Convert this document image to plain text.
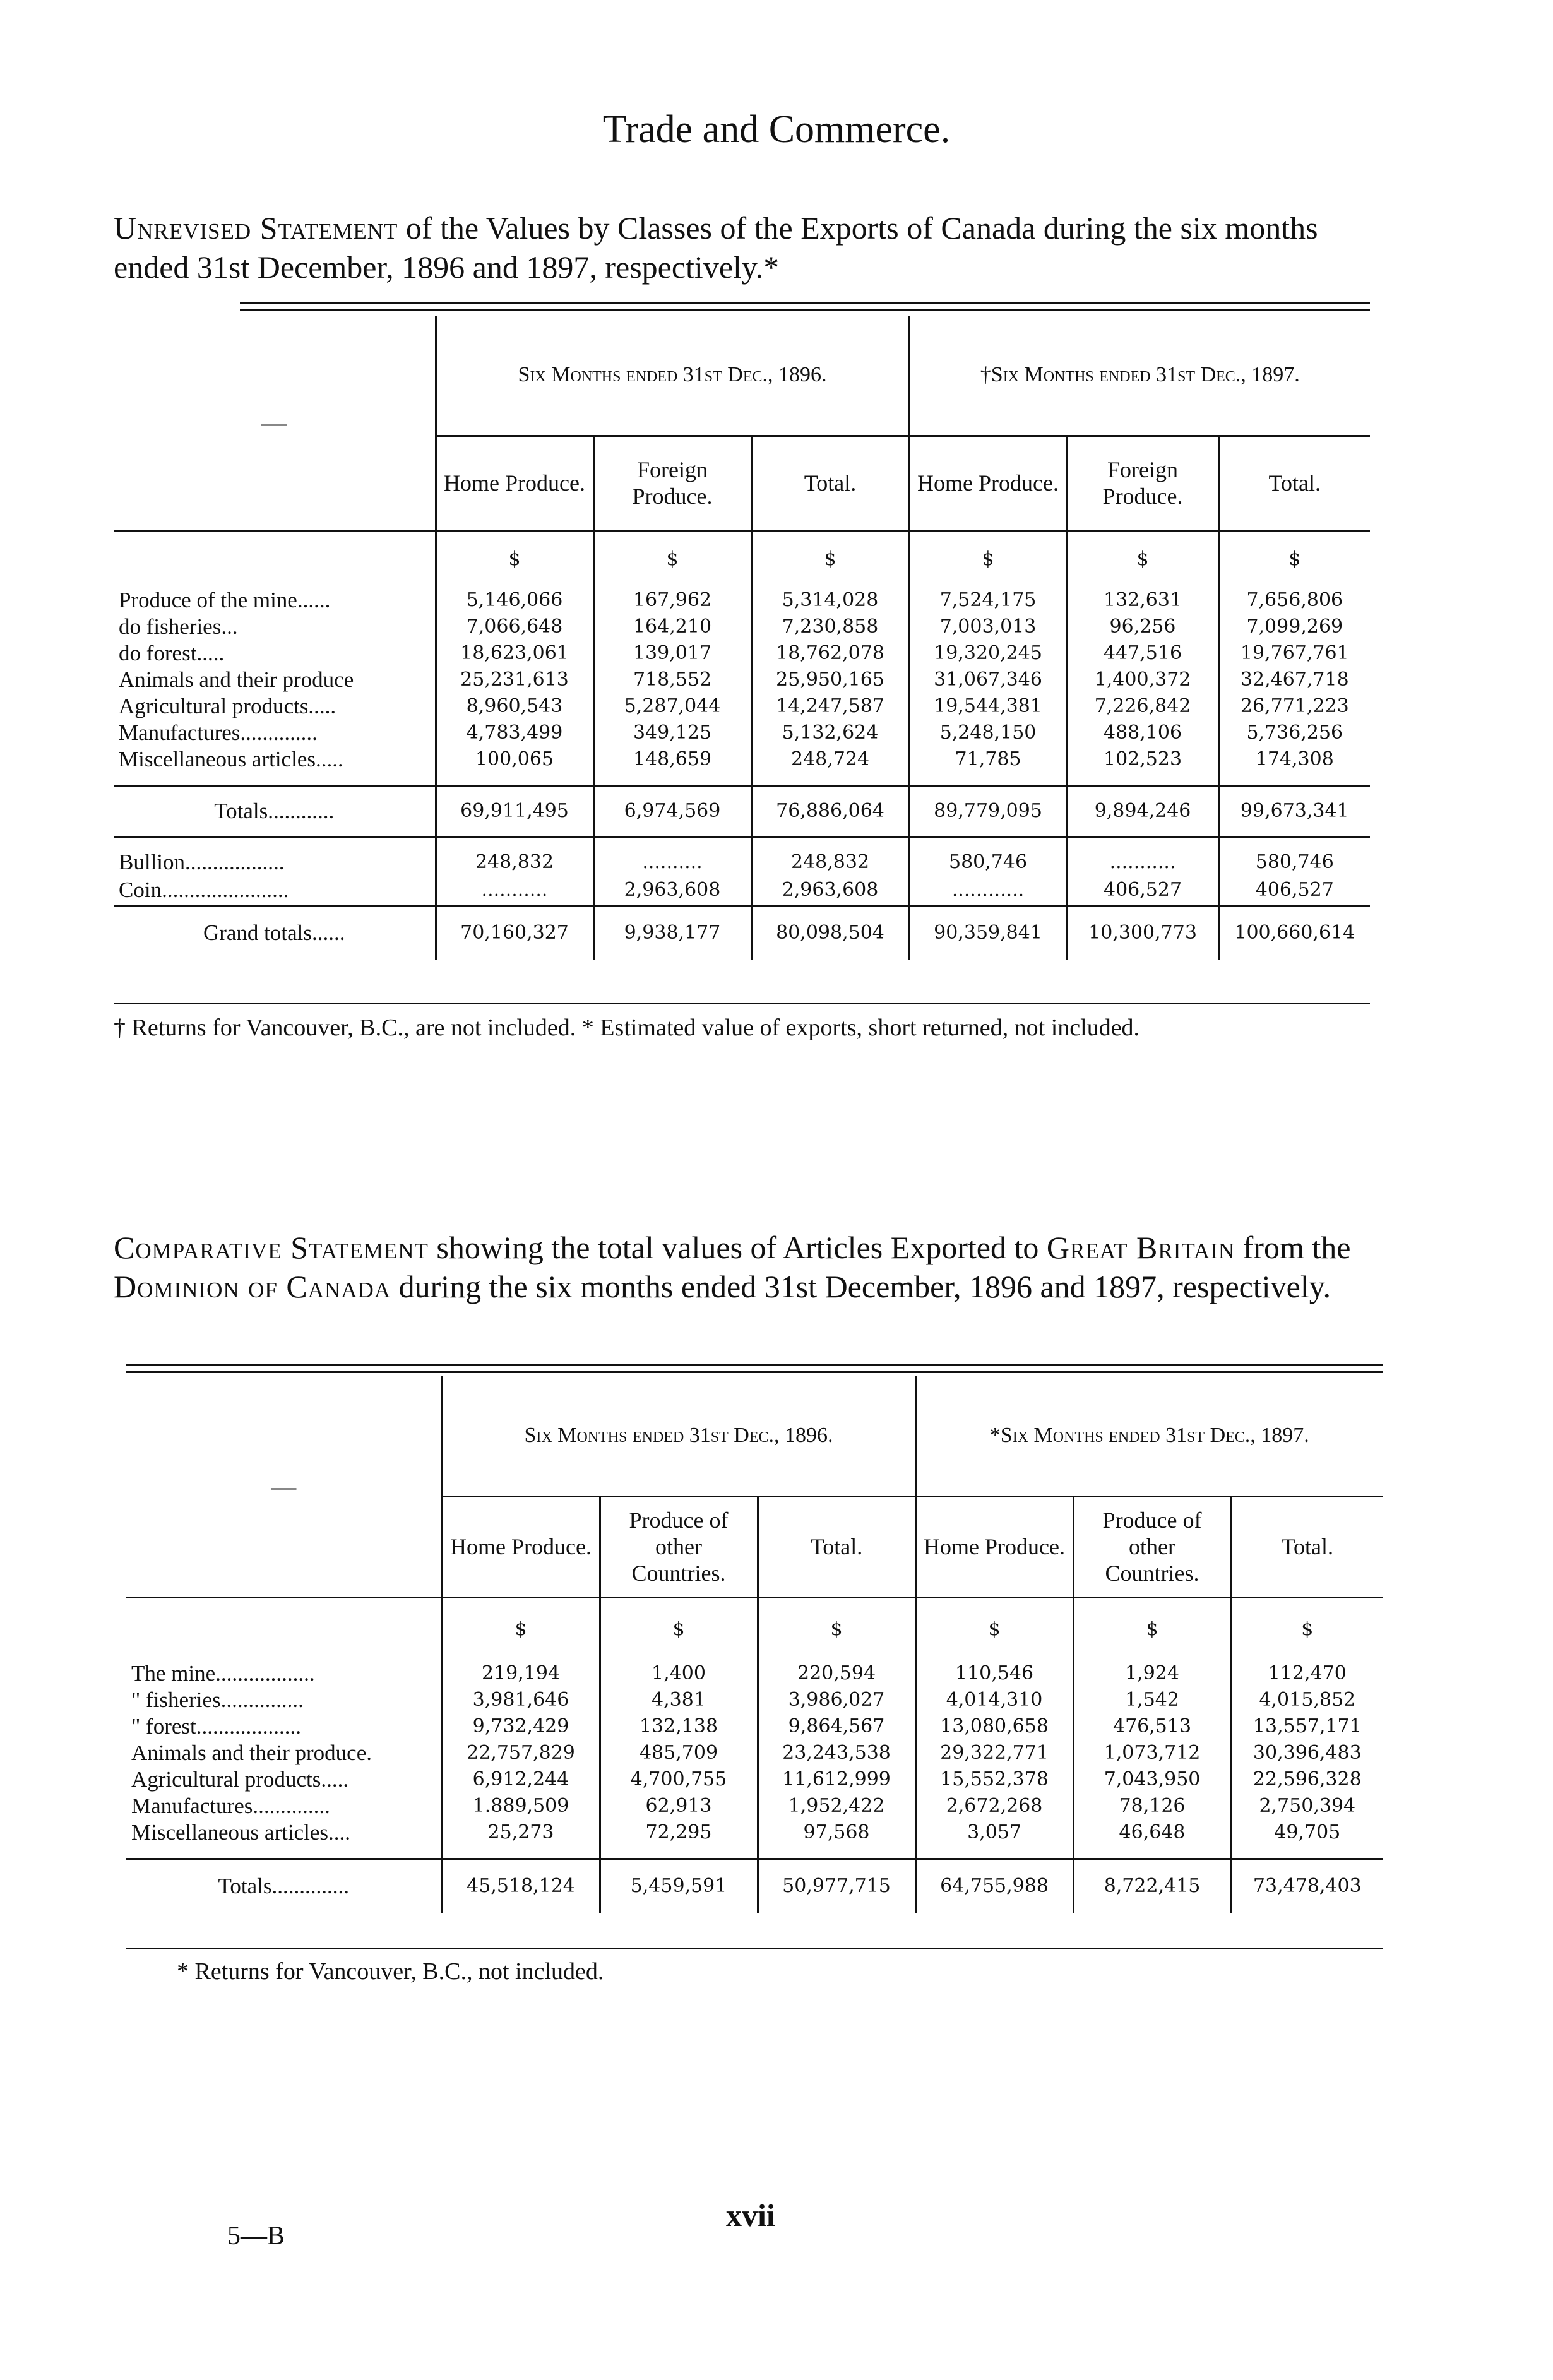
Trade and Commerce.
Unrevised Statement of the Values by Classes of the Exports of Canada during the six months ended 31st December, 1896 and 1897, respectively.*
—	Six Months ended 31st Dec., 1896.			†Six Months ended 31st Dec., 1897.		
	Home Produce.	Foreign Produce.	Total.	Home Produce.	Foreign Produce.	Total.
	$	$	$	$	$	$
Produce of the mine......	5,146,066	167,962	5,314,028	7,524,175	132,631	7,656,806
do fisheries...	7,066,648	164,210	7,230,858	7,003,013	96,256	7,099,269
do forest.....	18,623,061	139,017	18,762,078	19,320,245	447,516	19,767,761
Animals and their produce	25,231,613	718,552	25,950,165	31,067,346	1,400,372	32,467,718
Agricultural products.....	8,960,543	5,287,044	14,247,587	19,544,381	7,226,842	26,771,223
Manufactures..............	4,783,499	349,125	5,132,624	5,248,150	488,106	5,736,256
Miscellaneous articles.....	100,065	148,659	248,724	71,785	102,523	174,308

Totals............	69,911,495	6,974,569	76,886,064	89,779,095	9,894,246	99,673,341
Bullion..................	248,832	..........	248,832	580,746	...........	580,746
Coin.......................	...........	2,963,608	2,963,608	............	406,527	406,527
Grand totals......	70,160,327	9,938,177	80,098,504	90,359,841	10,300,773	100,660,614
† Returns for Vancouver, B.C., are not included. * Estimated value of exports, short returned, not included.
Comparative Statement showing the total values of Articles Exported to Great Britain from the Dominion of Canada during the six months ended 31st December, 1896 and 1897, respectively.
—	Six Months ended 31st Dec., 1896.			*Six Months ended 31st Dec., 1897.		
	Home Produce.	Produce of other Countries.	Total.	Home Produce.	Produce of other Countries.	Total.
	$	$	$	$	$	$
The mine..................	219,194	1,400	220,594	110,546	1,924	112,470
" fisheries...............	3,981,646	4,381	3,986,027	4,014,310	1,542	4,015,852
" forest...................	9,732,429	132,138	9,864,567	13,080,658	476,513	13,557,171
Animals and their produce.	22,757,829	485,709	23,243,538	29,322,771	1,073,712	30,396,483
Agricultural products.....	6,912,244	4,700,755	11,612,999	15,552,378	7,043,950	22,596,328
Manufactures..............	1.889,509	62,913	1,952,422	2,672,268	78,126	2,750,394
Miscellaneous articles....	25,273	72,295	97,568	3,057	46,648	49,705

Totals..............	45,518,124	5,459,591	50,977,715	64,755,988	8,722,415	73,478,403
* Returns for Vancouver, B.C., not included.
5—B
xvii
